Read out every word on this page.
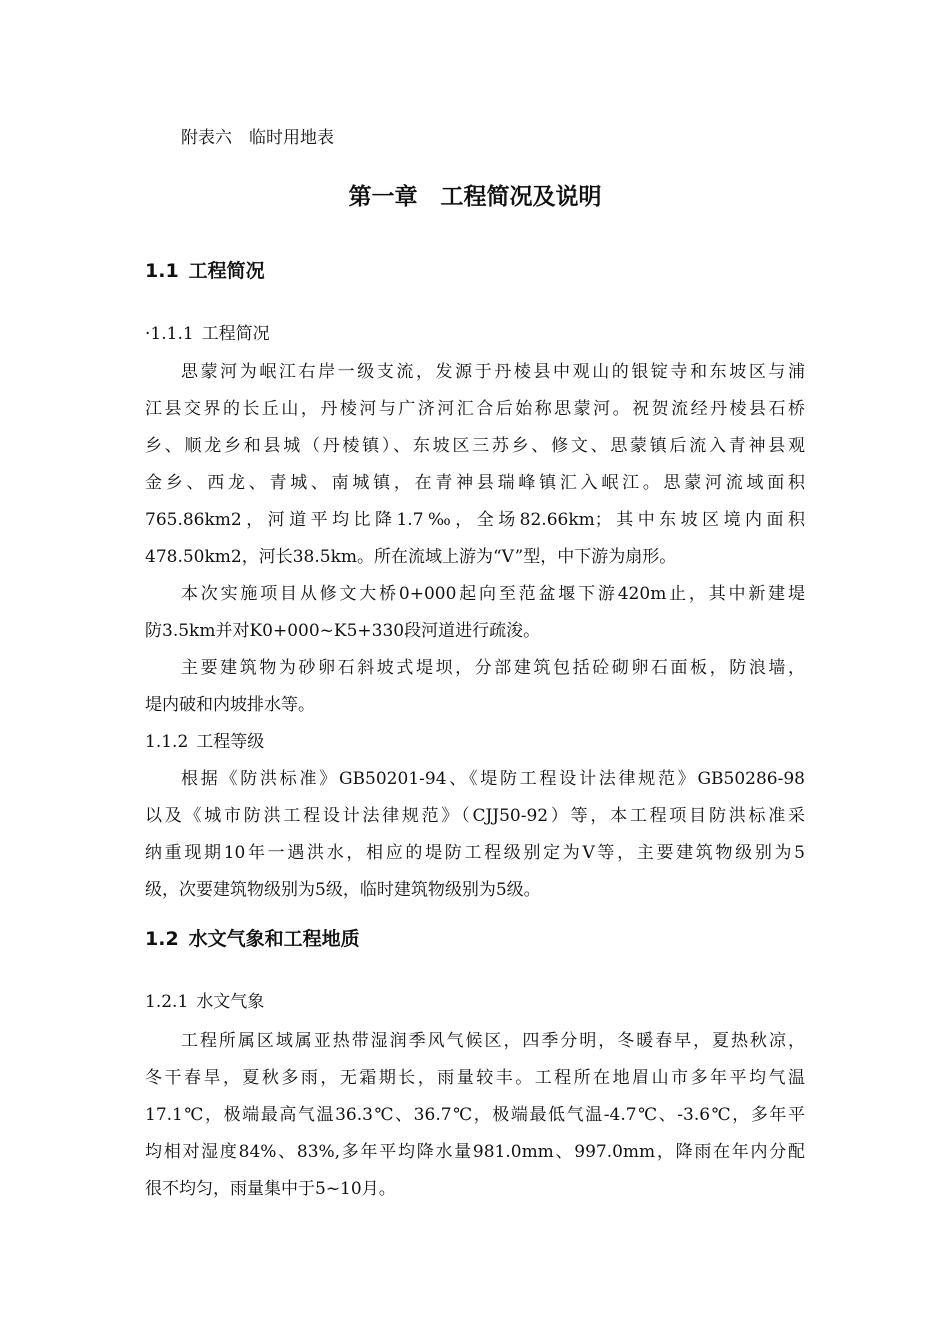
附表六　临时用地表
第一章　工程简况及说明
1.1 工程简况
·1.1.1 工程简况
思蒙河为岷江右岸一级支流，发源于丹棱县中观山的银锭寺和东坡区与浦
江县交界的长丘山，丹棱河与广济河汇合后始称思蒙河。祝贺流经丹棱县石桥
乡、顺龙乡和县城（丹棱镇）、东坡区三苏乡、修文、思蒙镇后流入青神县观
金乡、西龙、青城、南城镇，在青神县瑞峰镇汇入岷江。思蒙河流域面积
765.86km2，河道平均比降1.7‰，全场82.66km；其中东坡区境内面积
478.50km2，河长38.5km。所在流域上游为“V”型，中下游为扇形。
本次实施项目从修文大桥0+000起向至范盆堰下游420m止，其中新建堤
防3.5km并对K0+000~K5+330段河道进行疏浚。
主要建筑物为砂卵石斜坡式堤坝，分部建筑包括砼砌卵石面板，防浪墙，
堤内破和内坡排水等。
1.1.2 工程等级
根据《防洪标准》GB50201-94、《堤防工程设计法律规范》GB50286-98
以及《城市防洪工程设计法律规范》（CJJ50-92）等，本工程项目防洪标准采
纳重现期10年一遇洪水，相应的堤防工程级别定为Ⅴ等，主要建筑物级别为5
级，次要建筑物级别为5级，临时建筑物级别为5级。
1.2 水文气象和工程地质
1.2.1 水文气象
工程所属区域属亚热带湿润季风气候区，四季分明，冬暖春早，夏热秋凉，
冬干春旱，夏秋多雨，无霜期长，雨量较丰。工程所在地眉山市多年平均气温
17.1℃，极端最高气温36.3℃、36.7℃，极端最低气温-4.7℃、-3.6℃，多年平
均相对湿度84%、83%,多年平均降水量981.0mm、997.0mm，降雨在年内分配
很不均匀，雨量集中于5~10月。
